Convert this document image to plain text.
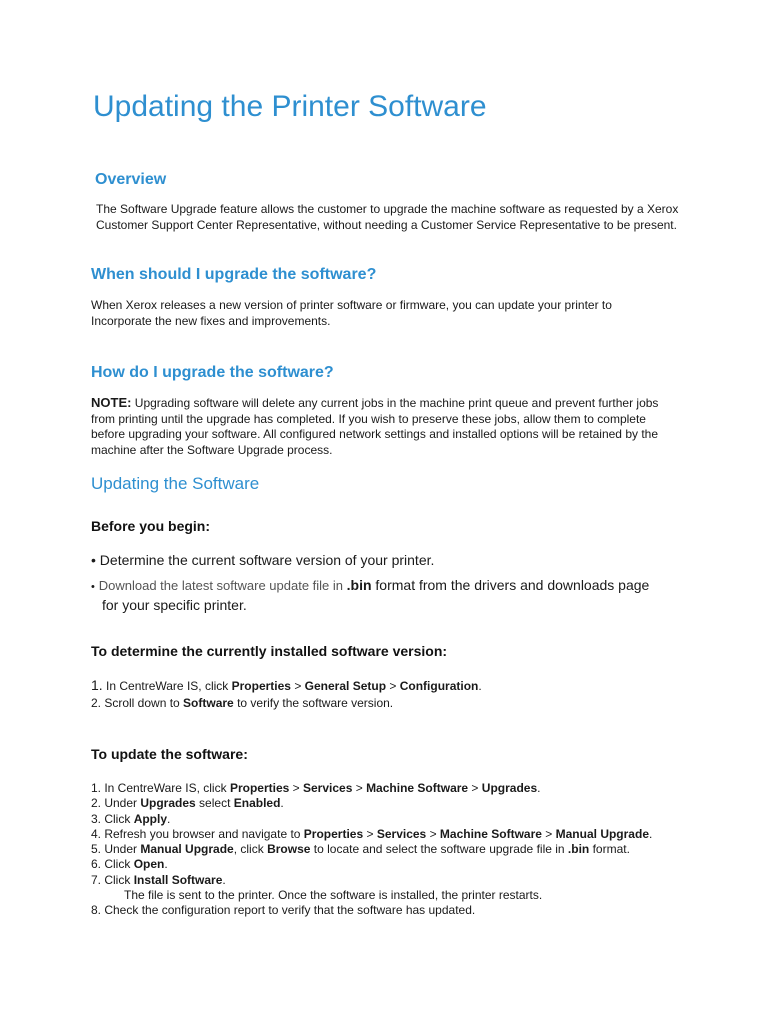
Updating the Printer Software
Overview

The Software Upgrade feature allows the customer to upgrade the machine software as requested by a Xerox Customer Support Center Representative, without needing a Customer Service Representative to be present.

When should I upgrade the software?

When Xerox releases a new version of printer software or firmware, you can update your printer to Incorporate the new fixes and improvements.

How do I upgrade the software?

NOTE: Upgrading software will delete any current jobs in the machine print queue and prevent further jobs from printing until the upgrade has completed. If you wish to preserve these jobs, allow them to complete before upgrading your software. All configured network settings and installed options will be retained by the machine after the Software Upgrade process.

Updating the Software
Before you begin:
• Determine the current software version of your printer.
• Download the latest software update file in .bin format from the drivers and downloads page
for your specific printer.
To determine the currently installed software version:
1. In CentreWare IS, click Properties > General Setup > Configuration.
2. Scroll down to Software to verify the software version.
To update the software:
1. In CentreWare IS, click Properties > Services > Machine Software > Upgrades.
2. Under Upgrades select Enabled.
3. Click Apply.
4. Refresh you browser and navigate to Properties > Services > Machine Software > Manual Upgrade.
5. Under Manual Upgrade, click Browse to locate and select the software upgrade file in .bin format.
6. Click Open.
7. Click Install Software.
The file is sent to the printer. Once the software is installed, the printer restarts.
8. Check the configuration report to verify that the software has updated.
